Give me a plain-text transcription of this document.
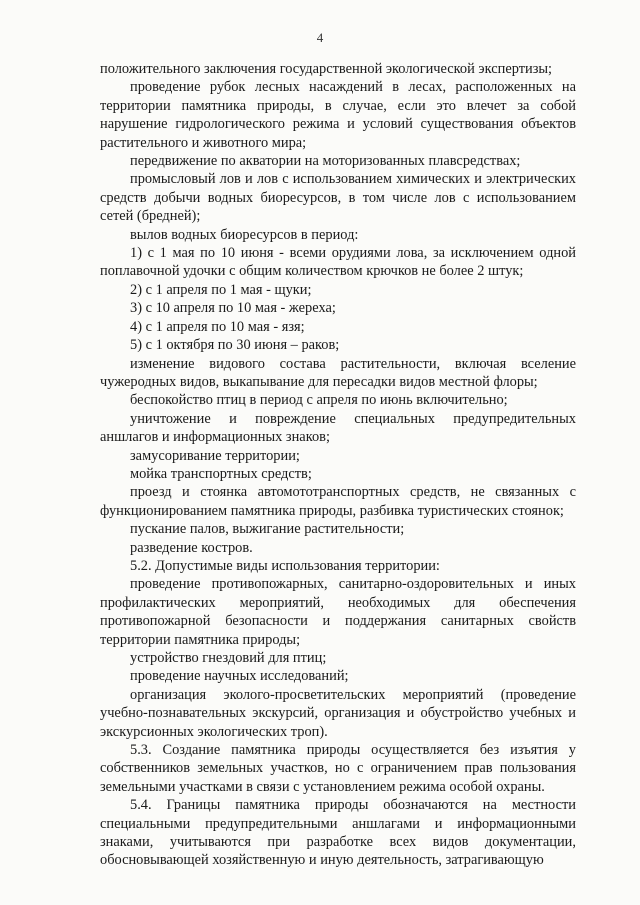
4

положительного заключения государственной экологической экспертизы;

проведение рубок лесных насаждений в лесах, расположенных на территории памятника природы, в случае, если это влечет за собой нарушение гидрологического режима и условий существования объектов растительного и животного мира;

передвижение по акватории на моторизованных плавсредствах;

промысловый лов и лов с использованием химических и электрических средств добычи водных биоресурсов, в том числе лов с использованием сетей (бредней);

вылов водных биоресурсов в период:

1) с 1 мая по 10 июня - всеми орудиями лова, за исключением одной поплавочной удочки с общим количеством крючков не более 2 штук;

2) с 1 апреля по 1 мая - щуки;

3) с 10 апреля по 10 мая - жереха;

4) с 1 апреля по 10 мая - язя;

5) с 1 октября по 30 июня – раков;

изменение видового состава растительности, включая вселение чужеродных видов, выкапывание для пересадки видов местной флоры;

беспокойство птиц в период с апреля по июнь включительно;

уничтожение и повреждение специальных предупредительных аншлагов и информационных знаков;

замусоривание территории;

мойка транспортных средств;

проезд и стоянка автомототранспортных средств, не связанных с функционированием памятника природы, разбивка туристических стоянок;

пускание палов, выжигание растительности;

разведение костров.

5.2. Допустимые виды использования территории:

проведение противопожарных, санитарно-оздоровительных и иных профилактических мероприятий, необходимых для обеспечения противопожарной безопасности и поддержания санитарных свойств территории памятника природы;

устройство гнездовий для птиц;

проведение научных исследований;

организация эколого-просветительских мероприятий (проведение учебно-познавательных экскурсий, организация и обустройство учебных и экскурсионных экологических троп).

5.3. Создание памятника природы осуществляется без изъятия у собственников земельных участков, но с ограничением прав пользования земельными участками в связи с установлением режима особой охраны.

5.4. Границы памятника природы обозначаются на местности специальными предупредительными аншлагами и информационными знаками, учитываются при разработке всех видов документации, обосновывающей хозяйственную и иную деятельность, затрагивающую
